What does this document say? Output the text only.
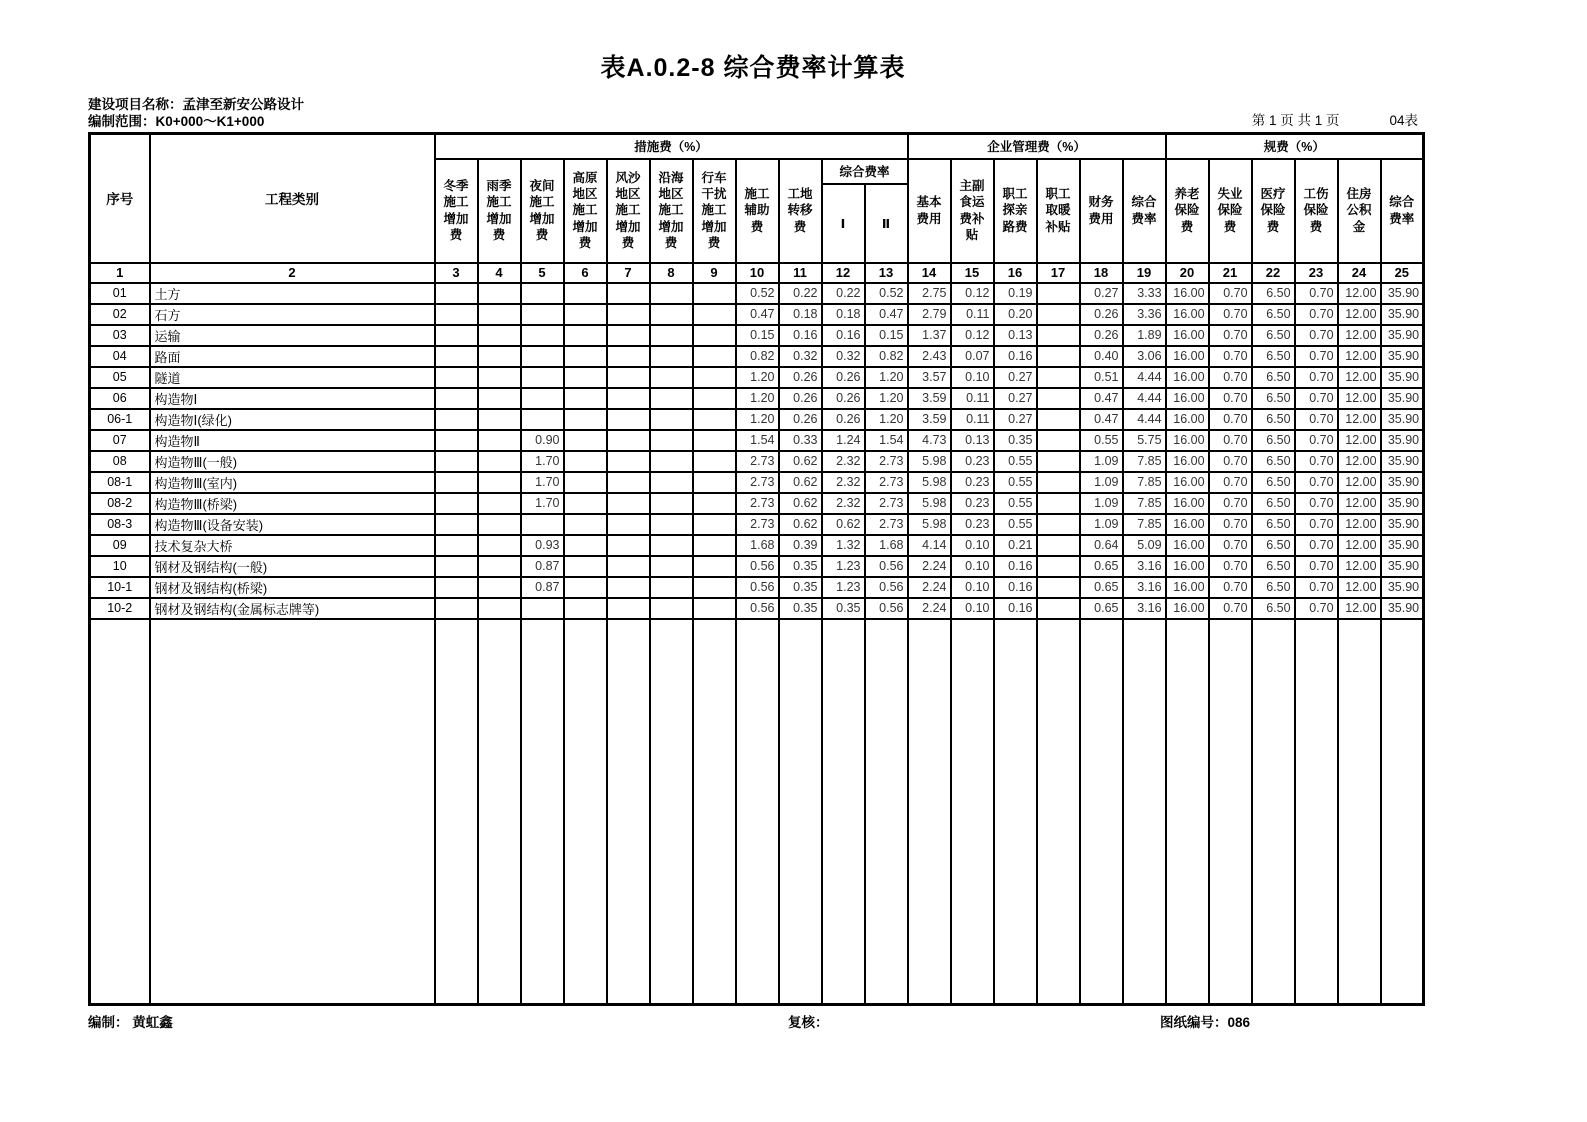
表A.0.2-8 综合费率计算表
建设项目名称：孟津至新安公路设计
编制范围：K0+000～K1+000	第 1 页 共 1 页	04表
序号	工程类别	措施费（%）											企业管理费（%）						规费（%）					
		冬季施工增加费	雨季施工增加费	夜间施工增加费	高原地区施工增加费	风沙地区施工增加费	沿海地区施工增加费	行车干扰施工增加费	施工辅助费	工地转移费	综合费率		基本费用	主副食运费补贴	职工探亲路费	职工取暖补贴	财务费用	综合费率	养老保险费	失业保险费	医疗保险费	工伤保险费	住房公积金	综合费率
											Ⅰ	Ⅱ												
1	2	3	4	5	6	7	8	9	10	11	12	13	14	15	16	17	18	19	20	21	22	23	24	25
01	土方								0.52	0.22	0.22	0.52	2.75	0.12	0.19		0.27	3.33	16.00	0.70	6.50	0.70	12.00	35.90
02	石方								0.47	0.18	0.18	0.47	2.79	0.11	0.20		0.26	3.36	16.00	0.70	6.50	0.70	12.00	35.90
03	运输								0.15	0.16	0.16	0.15	1.37	0.12	0.13		0.26	1.89	16.00	0.70	6.50	0.70	12.00	35.90
04	路面								0.82	0.32	0.32	0.82	2.43	0.07	0.16		0.40	3.06	16.00	0.70	6.50	0.70	12.00	35.90
05	隧道								1.20	0.26	0.26	1.20	3.57	0.10	0.27		0.51	4.44	16.00	0.70	6.50	0.70	12.00	35.90
06	构造物Ⅰ								1.20	0.26	0.26	1.20	3.59	0.11	0.27		0.47	4.44	16.00	0.70	6.50	0.70	12.00	35.90
06-1	构造物Ⅰ(绿化)								1.20	0.26	0.26	1.20	3.59	0.11	0.27		0.47	4.44	16.00	0.70	6.50	0.70	12.00	35.90
07	构造物Ⅱ			0.90					1.54	0.33	1.24	1.54	4.73	0.13	0.35		0.55	5.75	16.00	0.70	6.50	0.70	12.00	35.90
08	构造物Ⅲ(一般)			1.70					2.73	0.62	2.32	2.73	5.98	0.23	0.55		1.09	7.85	16.00	0.70	6.50	0.70	12.00	35.90
08-1	构造物Ⅲ(室内)			1.70					2.73	0.62	2.32	2.73	5.98	0.23	0.55		1.09	7.85	16.00	0.70	6.50	0.70	12.00	35.90
08-2	构造物Ⅲ(桥梁)			1.70					2.73	0.62	2.32	2.73	5.98	0.23	0.55		1.09	7.85	16.00	0.70	6.50	0.70	12.00	35.90
08-3	构造物Ⅲ(设备安装)								2.73	0.62	0.62	2.73	5.98	0.23	0.55		1.09	7.85	16.00	0.70	6.50	0.70	12.00	35.90
09	技术复杂大桥			0.93					1.68	0.39	1.32	1.68	4.14	0.10	0.21		0.64	5.09	16.00	0.70	6.50	0.70	12.00	35.90
10	钢材及钢结构(一般)			0.87					0.56	0.35	1.23	0.56	2.24	0.10	0.16		0.65	3.16	16.00	0.70	6.50	0.70	12.00	35.90
10-1	钢材及钢结构(桥梁)			0.87					0.56	0.35	1.23	0.56	2.24	0.10	0.16		0.65	3.16	16.00	0.70	6.50	0.70	12.00	35.90
10-2	钢材及钢结构(金属标志牌等)								0.56	0.35	0.35	0.56	2.24	0.10	0.16		0.65	3.16	16.00	0.70	6.50	0.70	12.00	35.90

编制： 黄虹鑫	复核：	图纸编号：086
